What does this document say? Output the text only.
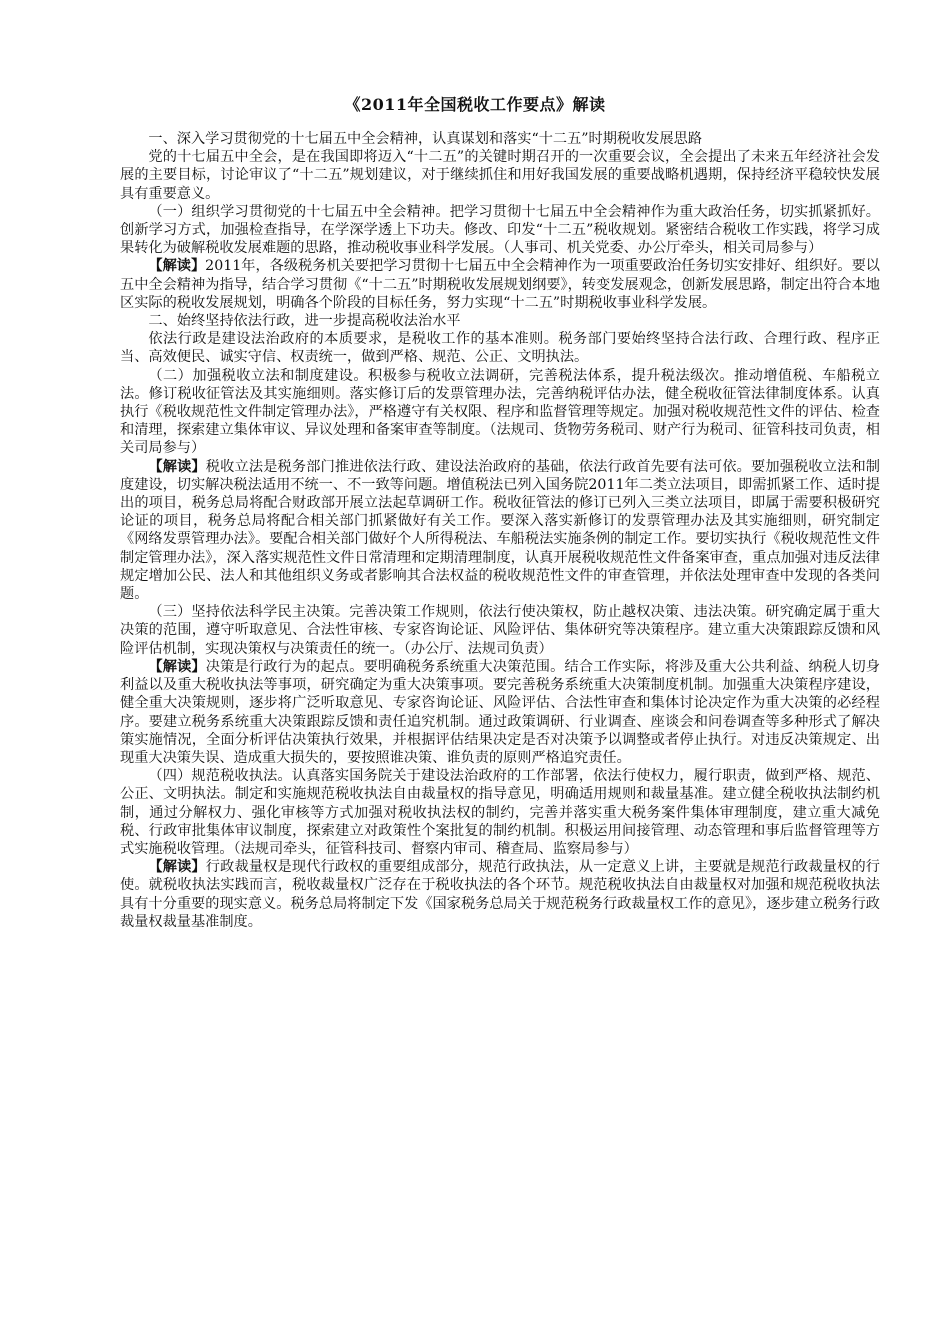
《2011年全国税收工作要点》解读

一、深入学习贯彻党的十七届五中全会精神，认真谋划和落实“十二五”时期税收发展思路

党的十七届五中全会，是在我国即将迈入“十二五”的关键时期召开的一次重要会议，全会提出了未来五年经济社会发展的主要目标，讨论审议了“十二五”规划建议，对于继续抓住和用好我国发展的重要战略机遇期，保持经济平稳较快发展具有重要意义。

（一）组织学习贯彻党的十七届五中全会精神。把学习贯彻十七届五中全会精神作为重大政治任务，切实抓紧抓好。创新学习方式，加强检查指导，在学深学透上下功夫。修改、印发“十二五”税收规划。紧密结合税收工作实践，将学习成果转化为破解税收发展难题的思路，推动税收事业科学发展。（人事司、机关党委、办公厅牵头，相关司局参与）

【解读】2011年，各级税务机关要把学习贯彻十七届五中全会精神作为一项重要政治任务切实安排好、组织好。要以五中全会精神为指导，结合学习贯彻《“十二五”时期税收发展规划纲要》，转变发展观念，创新发展思路，制定出符合本地区实际的税收发展规划，明确各个阶段的目标任务，努力实现“十二五”时期税收事业科学发展。

二、始终坚持依法行政，进一步提高税收法治水平

依法行政是建设法治政府的本质要求，是税收工作的基本准则。税务部门要始终坚持合法行政、合理行政、程序正当、高效便民、诚实守信、权责统一，做到严格、规范、公正、文明执法。

（二）加强税收立法和制度建设。积极参与税收立法调研，完善税法体系，提升税法级次。推动增值税、车船税立法。修订税收征管法及其实施细则。落实修订后的发票管理办法，完善纳税评估办法，健全税收征管法律制度体系。认真执行《税收规范性文件制定管理办法》，严格遵守有关权限、程序和监督管理等规定。加强对税收规范性文件的评估、检查和清理，探索建立集体审议、异议处理和备案审查等制度。（法规司、货物劳务税司、财产行为税司、征管科技司负责，相关司局参与）

【解读】税收立法是税务部门推进依法行政、建设法治政府的基础，依法行政首先要有法可依。要加强税收立法和制度建设，切实解决税法适用不统一、不一致等问题。增值税法已列入国务院2011年二类立法项目，即需抓紧工作、适时提出的项目，税务总局将配合财政部开展立法起草调研工作。税收征管法的修订已列入三类立法项目，即属于需要积极研究论证的项目，税务总局将配合相关部门抓紧做好有关工作。要深入落实新修订的发票管理办法及其实施细则，研究制定《网络发票管理办法》。要配合相关部门做好个人所得税法、车船税法实施条例的制定工作。要切实执行《税收规范性文件制定管理办法》，深入落实规范性文件日常清理和定期清理制度，认真开展税收规范性文件备案审查，重点加强对违反法律规定增加公民、法人和其他组织义务或者影响其合法权益的税收规范性文件的审查管理，并依法处理审查中发现的各类问题。

（三）坚持依法科学民主决策。完善决策工作规则，依法行使决策权，防止越权决策、违法决策。研究确定属于重大决策的范围，遵守听取意见、合法性审核、专家咨询论证、风险评估、集体研究等决策程序。建立重大决策跟踪反馈和风险评估机制，实现决策权与决策责任的统一。（办公厅、法规司负责）

【解读】决策是行政行为的起点。要明确税务系统重大决策范围。结合工作实际，将涉及重大公共利益、纳税人切身利益以及重大税收执法等事项，研究确定为重大决策事项。要完善税务系统重大决策制度机制。加强重大决策程序建设，健全重大决策规则，逐步将广泛听取意见、专家咨询论证、风险评估、合法性审查和集体讨论决定作为重大决策的必经程序。要建立税务系统重大决策跟踪反馈和责任追究机制。通过政策调研、行业调查、座谈会和问卷调查等多种形式了解决策实施情况，全面分析评估决策执行效果，并根据评估结果决定是否对决策予以调整或者停止执行。对违反决策规定、出现重大决策失误、造成重大损失的，要按照谁决策、谁负责的原则严格追究责任。

（四）规范税收执法。认真落实国务院关于建设法治政府的工作部署，依法行使权力，履行职责，做到严格、规范、公正、文明执法。制定和实施规范税收执法自由裁量权的指导意见，明确适用规则和裁量基准。建立健全税收执法制约机制，通过分解权力、强化审核等方式加强对税收执法权的制约，完善并落实重大税务案件集体审理制度，建立重大减免税、行政审批集体审议制度，探索建立对政策性个案批复的制约机制。积极运用间接管理、动态管理和事后监督管理等方式实施税收管理。（法规司牵头，征管科技司、督察内审司、稽查局、监察局参与）

【解读】行政裁量权是现代行政权的重要组成部分，规范行政执法，从一定意义上讲，主要就是规范行政裁量权的行使。就税收执法实践而言，税收裁量权广泛存在于税收执法的各个环节。规范税收执法自由裁量权对加强和规范税收执法具有十分重要的现实意义。税务总局将制定下发《国家税务总局关于规范税务行政裁量权工作的意见》，逐步建立税务行政裁量权裁量基准制度。
